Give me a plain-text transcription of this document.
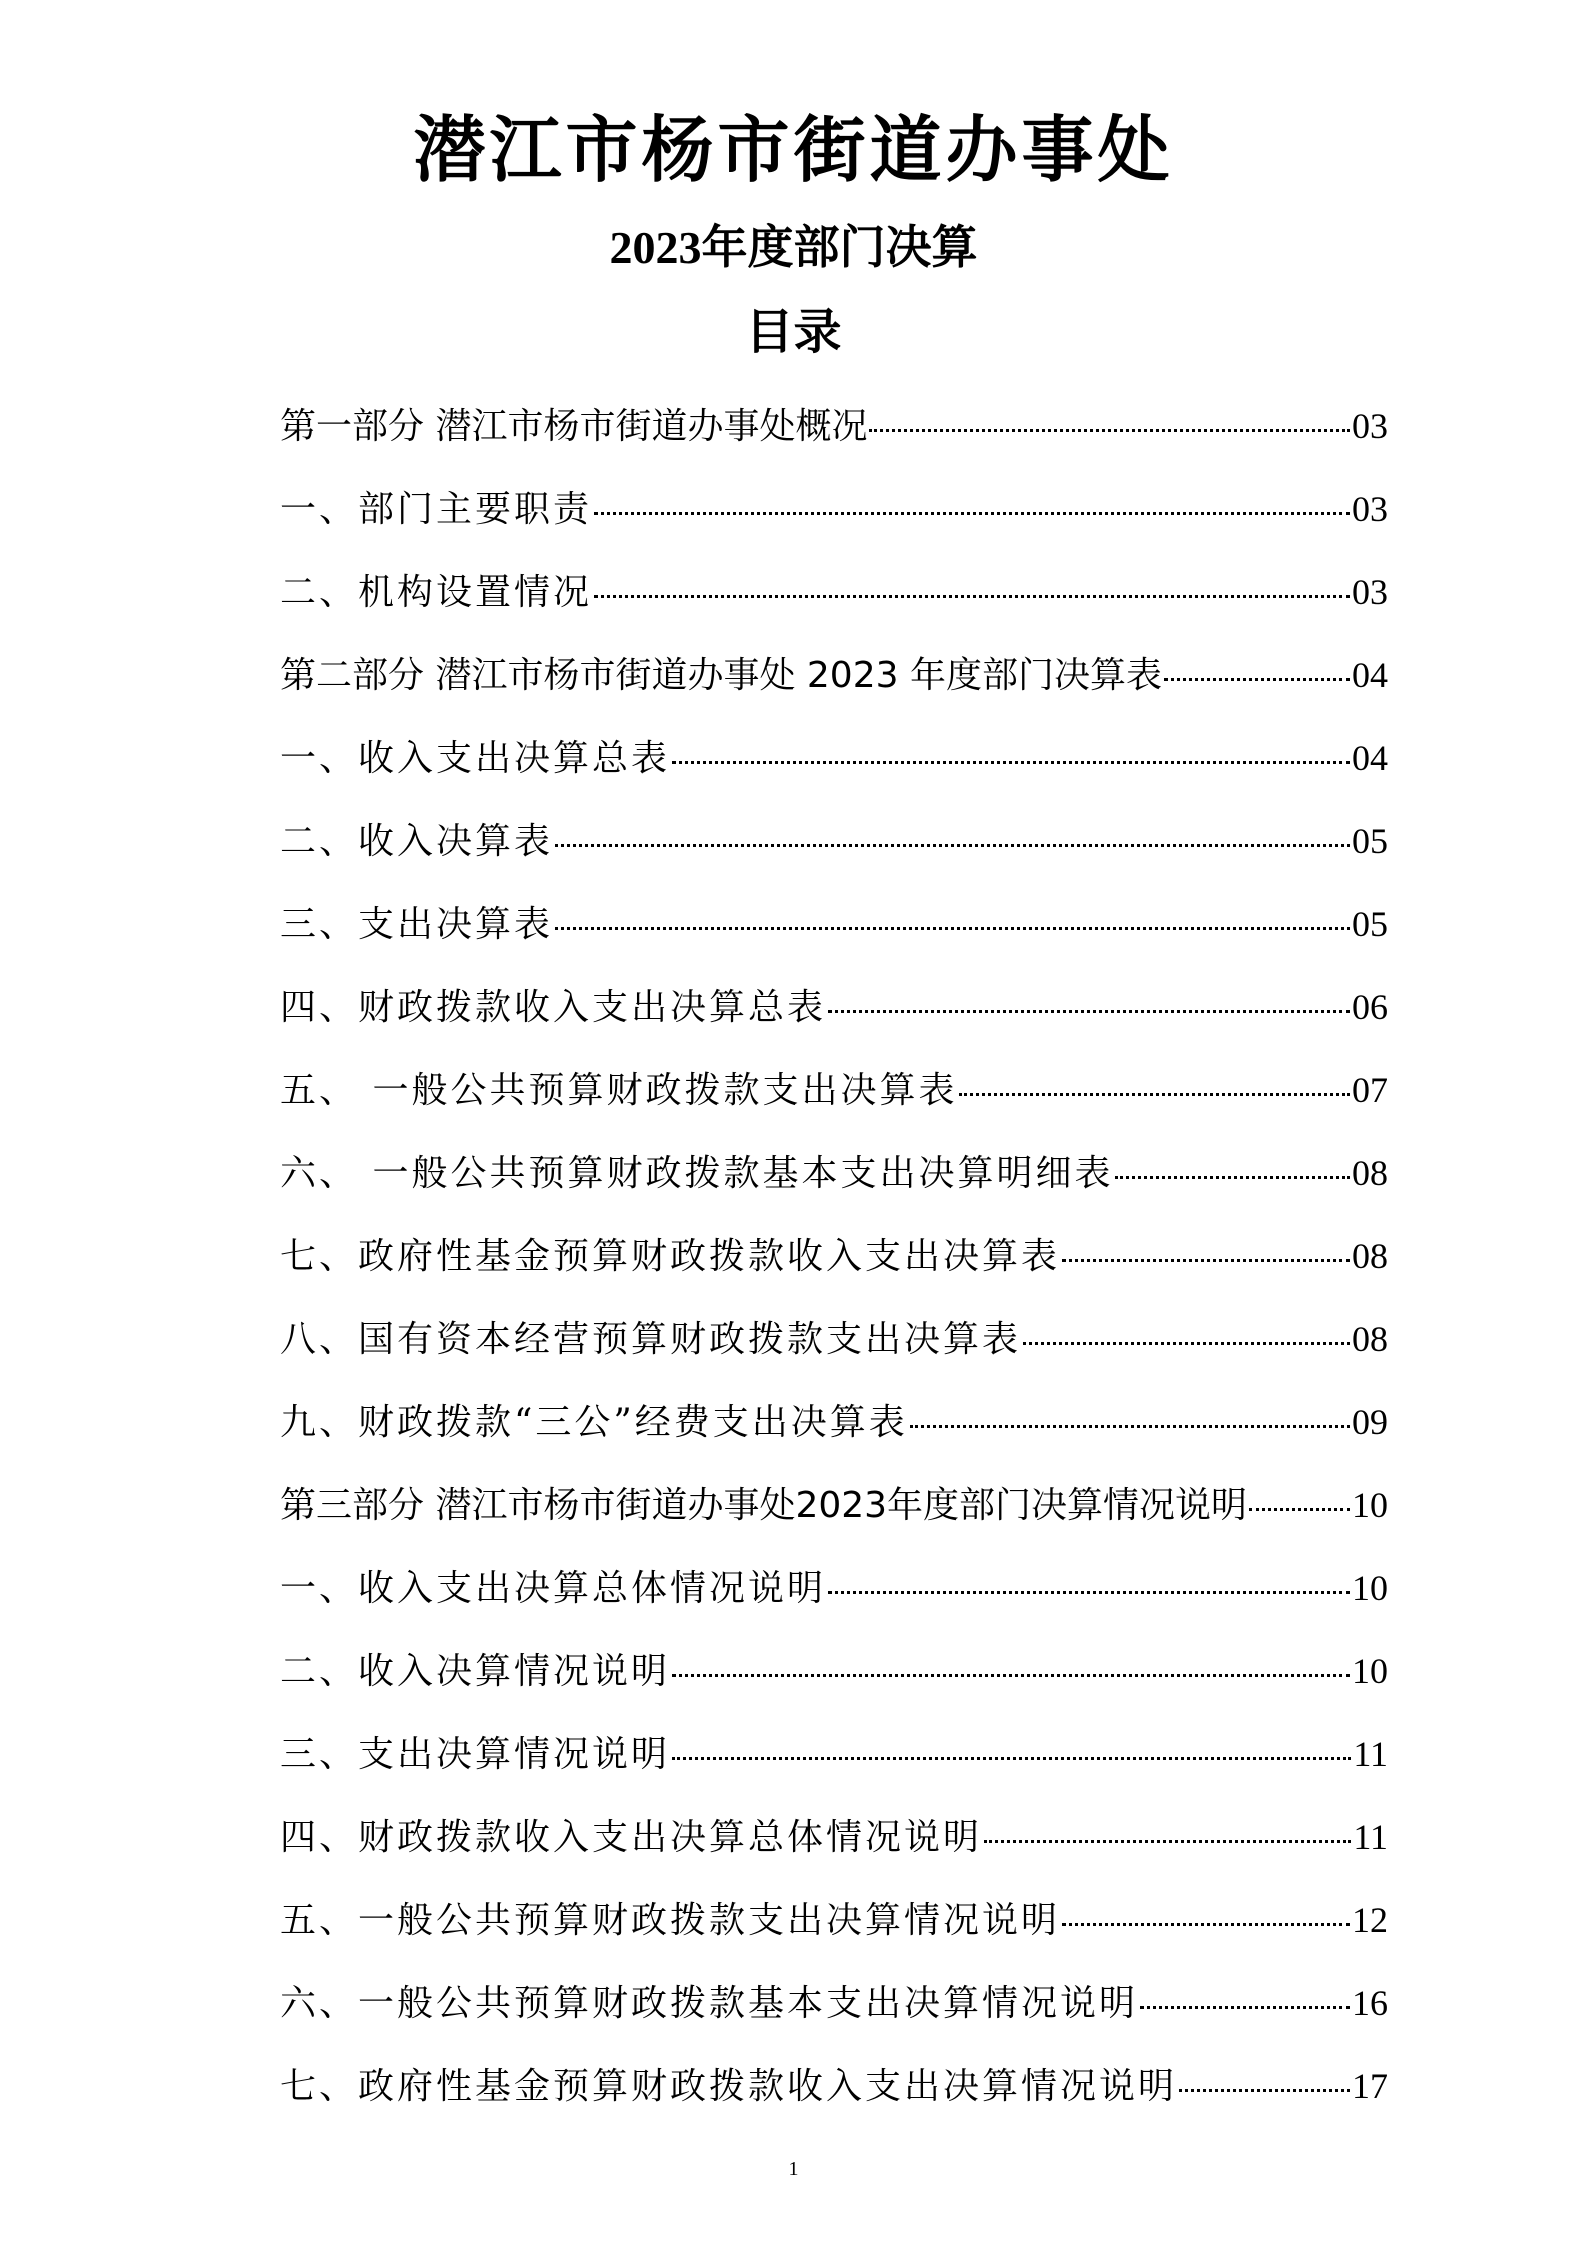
潜江市杨市街道办事处
2023年度部门决算
目录
第一部分 潜江市杨市街道办事处概况	03
一、部门主要职责	03
二、机构设置情况	03
第二部分 潜江市杨市街道办事处 2023 年度部门决算表	04
一、收入支出决算总表	04
二、收入决算表	05
三、支出决算表	05
四、财政拨款收入支出决算总表	06
五、 一般公共预算财政拨款支出决算表	07
六、 一般公共预算财政拨款基本支出决算明细表	08
七、政府性基金预算财政拨款收入支出决算表	08
八、国有资本经营预算财政拨款支出决算表	08
九、财政拨款“三公”经费支出决算表	09
第三部分 潜江市杨市街道办事处2023年度部门决算情况说明	10
一、收入支出决算总体情况说明	10
二、收入决算情况说明	10
三、支出决算情况说明	11
四、财政拨款收入支出决算总体情况说明	11
五、一般公共预算财政拨款支出决算情况说明	12
六、一般公共预算财政拨款基本支出决算情况说明	16
七、政府性基金预算财政拨款收入支出决算情况说明	17
1
